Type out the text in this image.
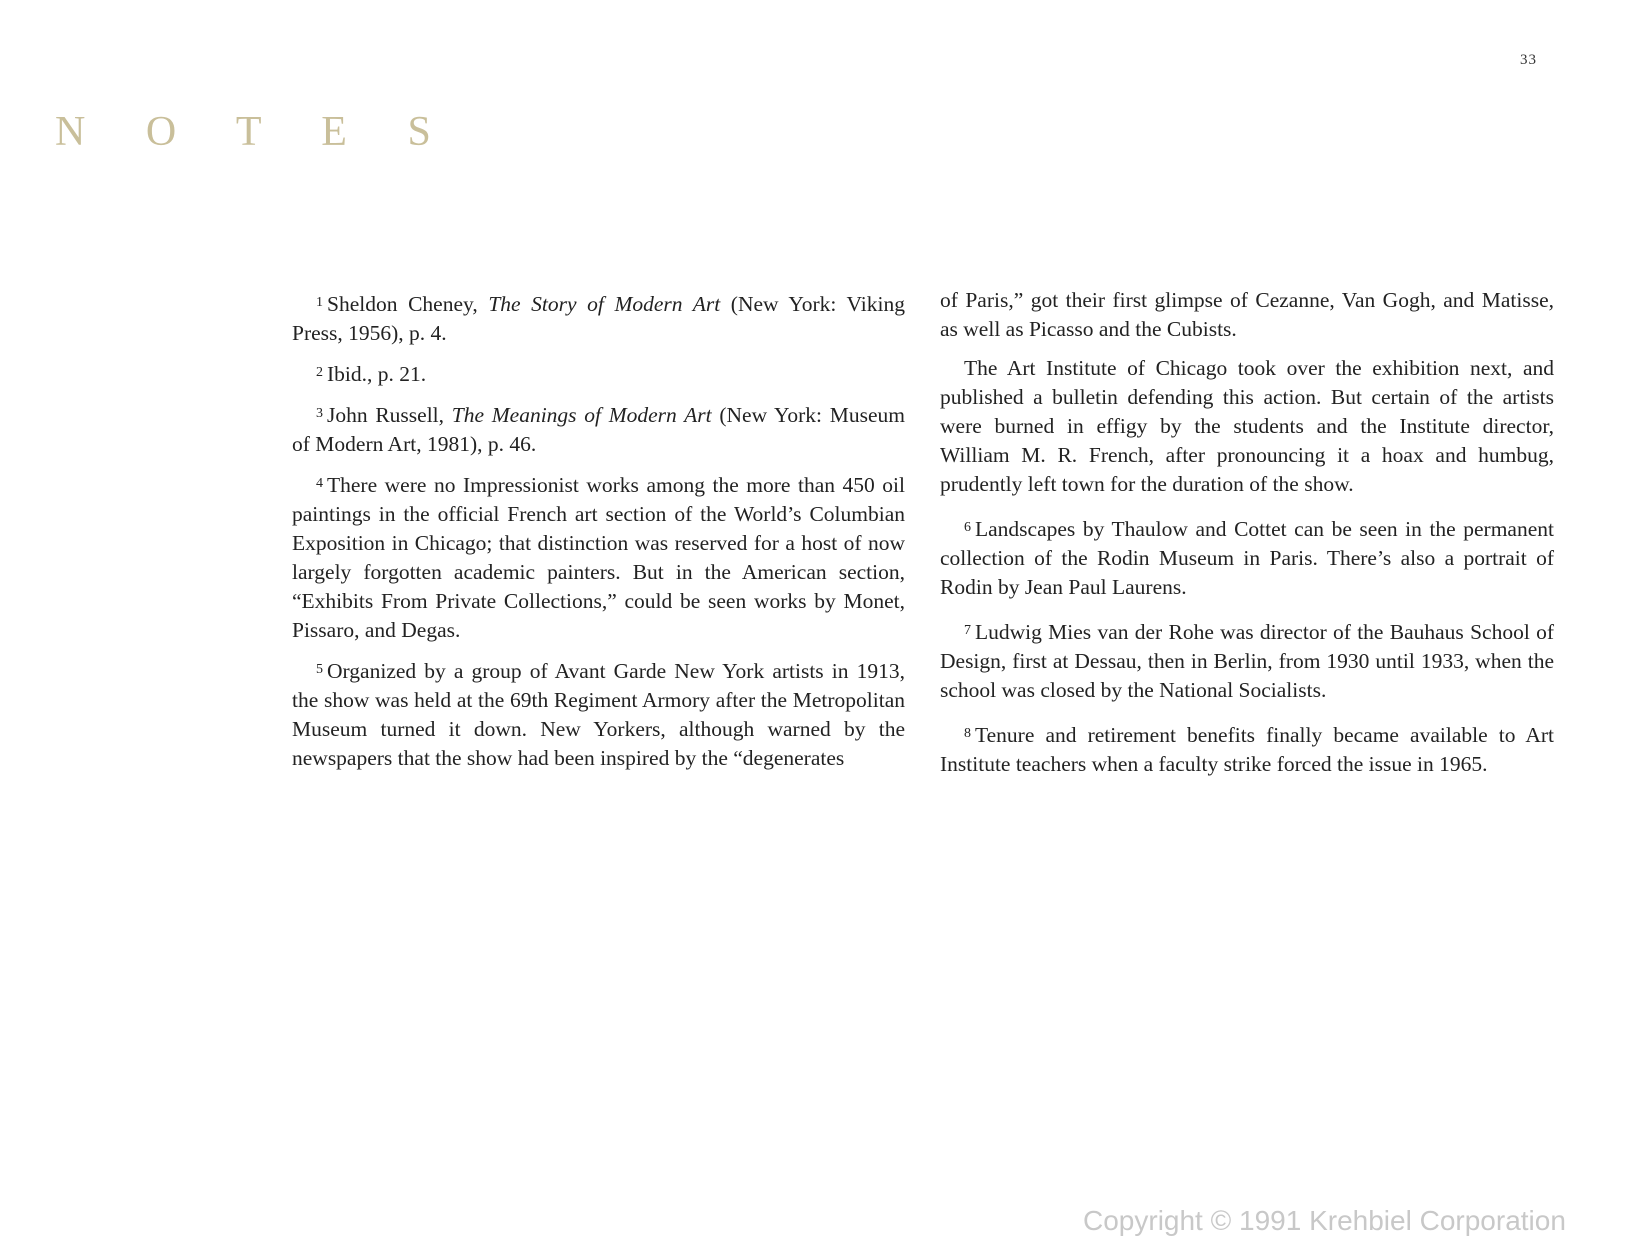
33
N O T E S

$^1$ Sheldon Cheney, The Story of Modern Art (New York: Viking Press, 1956), p. 4.

$^2$ Ibid., p. 21.

$^3$ John Russell, The Meanings of Modern Art (New York: Museum of Modern Art, 1981), p. 46.

$^4$ There were no Impressionist works among the more than 450 oil paintings in the official French art section of the World’s Columbian Exposition in Chicago; that distinction was reserved for a host of now largely forgotten academic painters. But in the American section, “Exhibits From Private Collections,” could be seen works by Monet, Pissaro, and Degas.

$^5$ Organized by a group of Avant Garde New York artists in 1913, the show was held at the 69th Regiment Armory after the Metropolitan Museum turned it down. New Yorkers, although warned by the newspapers that the show had been inspired by the “degenerates

of Paris,” got their first glimpse of Cezanne, Van Gogh, and Matisse, as well as Picasso and the Cubists.

The Art Institute of Chicago took over the exhibition next, and published a bulletin defending this action. But certain of the artists were burned in effigy by the students and the Institute director, William M. R. French, after pronouncing it a hoax and humbug, prudently left town for the duration of the show.

$^6$ Landscapes by Thaulow and Cottet can be seen in the permanent collection of the Rodin Museum in Paris. There’s also a portrait of Rodin by Jean Paul Laurens.

$^7$ Ludwig Mies van der Rohe was director of the Bauhaus School of Design, first at Dessau, then in Berlin, from 1930 until 1933, when the school was closed by the National Socialists.

$^8$ Tenure and retirement benefits finally became available to Art Institute teachers when a faculty strike forced the issue in 1965.

Copyright © 1991 Krehbiel Corporation
